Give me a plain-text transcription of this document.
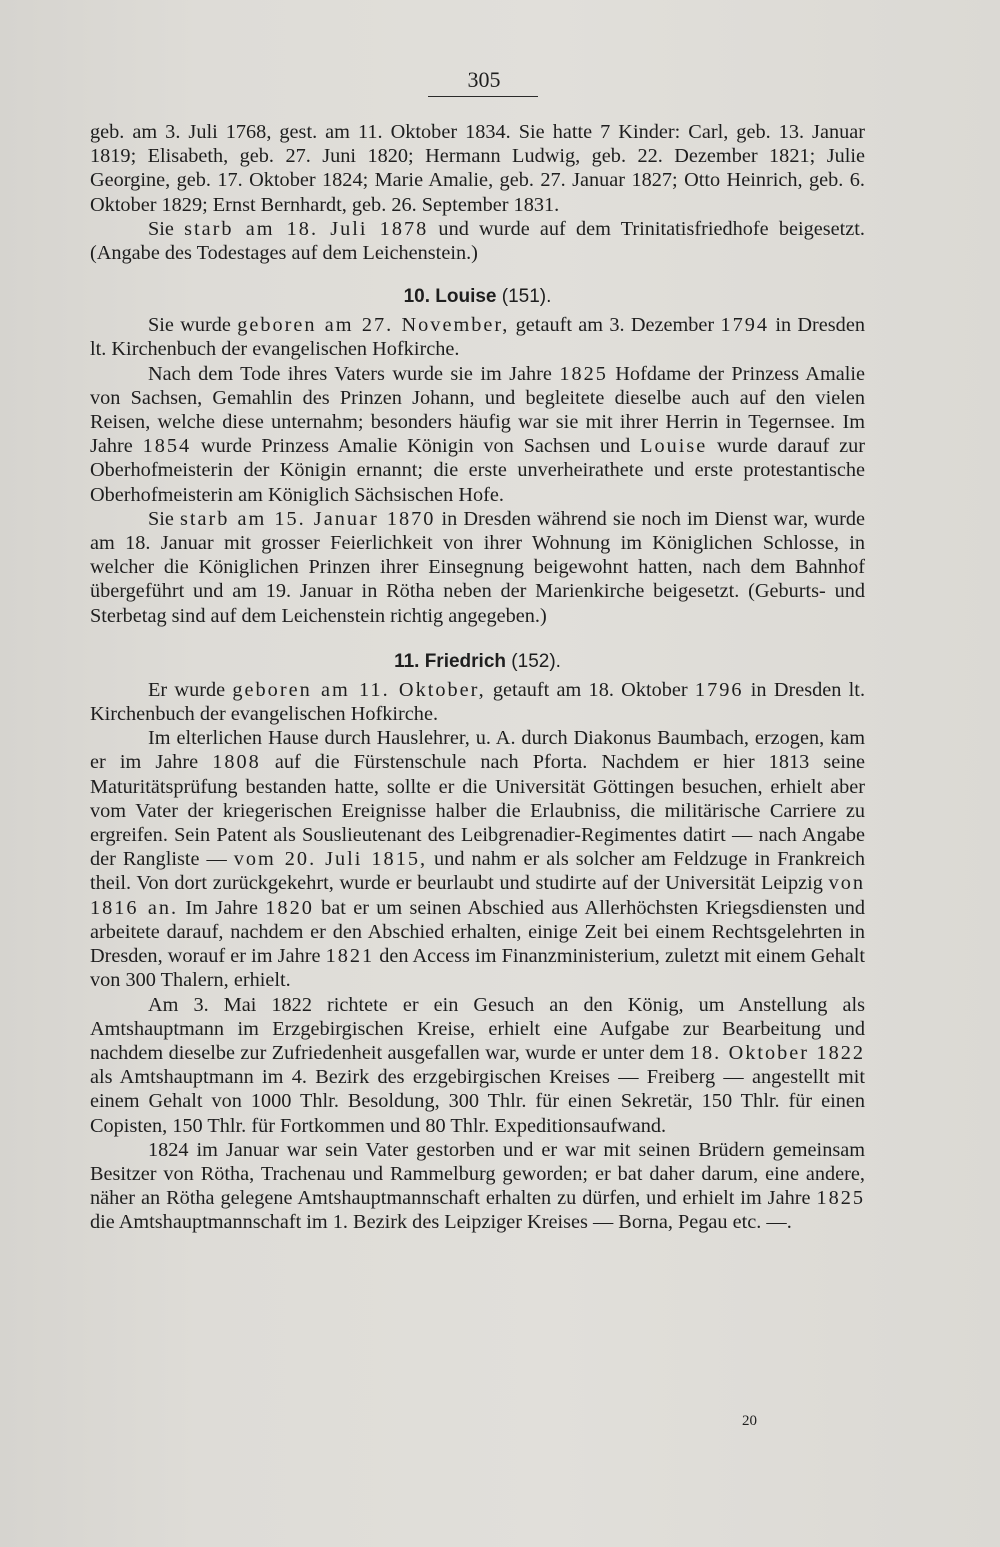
305

geb. am 3. Juli 1768, gest. am 11. Oktober 1834. Sie hatte 7 Kinder: Carl, geb. 13. Januar 1819; Elisabeth, geb. 27. Juni 1820; Hermann Ludwig, geb. 22. Dezember 1821; Julie Georgine, geb. 17. Oktober 1824; Marie Amalie, geb. 27. Januar 1827; Otto Heinrich, geb. 6. Oktober 1829; Ernst Bernhardt, geb. 26. September 1831.

Sie starb am 18. Juli 1878 und wurde auf dem Trinitatisfriedhofe beigesetzt. (Angabe des Todestages auf dem Leichenstein.)

10. Louise (151).

Sie wurde geboren am 27. November, getauft am 3. Dezember 1794 in Dresden lt. Kirchenbuch der evangelischen Hofkirche.

Nach dem Tode ihres Vaters wurde sie im Jahre 1825 Hofdame der Prinzess Amalie von Sachsen, Gemahlin des Prinzen Johann, und begleitete dieselbe auch auf den vielen Reisen, welche diese unternahm; besonders häufig war sie mit ihrer Herrin in Tegernsee. Im Jahre 1854 wurde Prinzess Amalie Königin von Sachsen und Louise wurde darauf zur Oberhofmeisterin der Königin ernannt; die erste unverheirathete und erste protestantische Oberhofmeisterin am Königlich Sächsischen Hofe.

Sie starb am 15. Januar 1870 in Dresden während sie noch im Dienst war, wurde am 18. Januar mit grosser Feierlichkeit von ihrer Wohnung im Königlichen Schlosse, in welcher die Königlichen Prinzen ihrer Einsegnung beigewohnt hatten, nach dem Bahnhof übergeführt und am 19. Januar in Rötha neben der Marienkirche beigesetzt. (Geburts- und Sterbetag sind auf dem Leichenstein richtig angegeben.)

11. Friedrich (152).

Er wurde geboren am 11. Oktober, getauft am 18. Oktober 1796 in Dresden lt. Kirchenbuch der evangelischen Hofkirche.

Im elterlichen Hause durch Hauslehrer, u. A. durch Diakonus Baumbach, erzogen, kam er im Jahre 1808 auf die Fürstenschule nach Pforta. Nachdem er hier 1813 seine Maturitätsprüfung bestanden hatte, sollte er die Universität Göttingen besuchen, erhielt aber vom Vater der kriegerischen Ereignisse halber die Erlaubniss, die militärische Carriere zu ergreifen. Sein Patent als Souslieutenant des Leibgrenadier-Regimentes datirt — nach Angabe der Rangliste — vom 20. Juli 1815, und nahm er als solcher am Feldzuge in Frankreich theil. Von dort zurückgekehrt, wurde er beurlaubt und studirte auf der Universität Leipzig von 1816 an. Im Jahre 1820 bat er um seinen Abschied aus Allerhöchsten Kriegsdiensten und arbeitete darauf, nachdem er den Abschied erhalten, einige Zeit bei einem Rechtsgelehrten in Dresden, worauf er im Jahre 1821 den Access im Finanzministerium, zuletzt mit einem Gehalt von 300 Thalern, erhielt.

Am 3. Mai 1822 richtete er ein Gesuch an den König, um Anstellung als Amtshauptmann im Erzgebirgischen Kreise, erhielt eine Aufgabe zur Bearbeitung und nachdem dieselbe zur Zufriedenheit ausgefallen war, wurde er unter dem 18. Oktober 1822 als Amtshauptmann im 4. Bezirk des erzgebirgischen Kreises — Freiberg — angestellt mit einem Gehalt von 1000 Thlr. Besoldung, 300 Thlr. für einen Sekretär, 150 Thlr. für einen Copisten, 150 Thlr. für Fortkommen und 80 Thlr. Expeditionsaufwand.

1824 im Januar war sein Vater gestorben und er war mit seinen Brüdern gemeinsam Besitzer von Rötha, Trachenau und Rammelburg geworden; er bat daher darum, eine andere, näher an Rötha gelegene Amtshauptmannschaft erhalten zu dürfen, und erhielt im Jahre 1825 die Amtshauptmannschaft im 1. Bezirk des Leipziger Kreises — Borna, Pegau etc. —.

20
